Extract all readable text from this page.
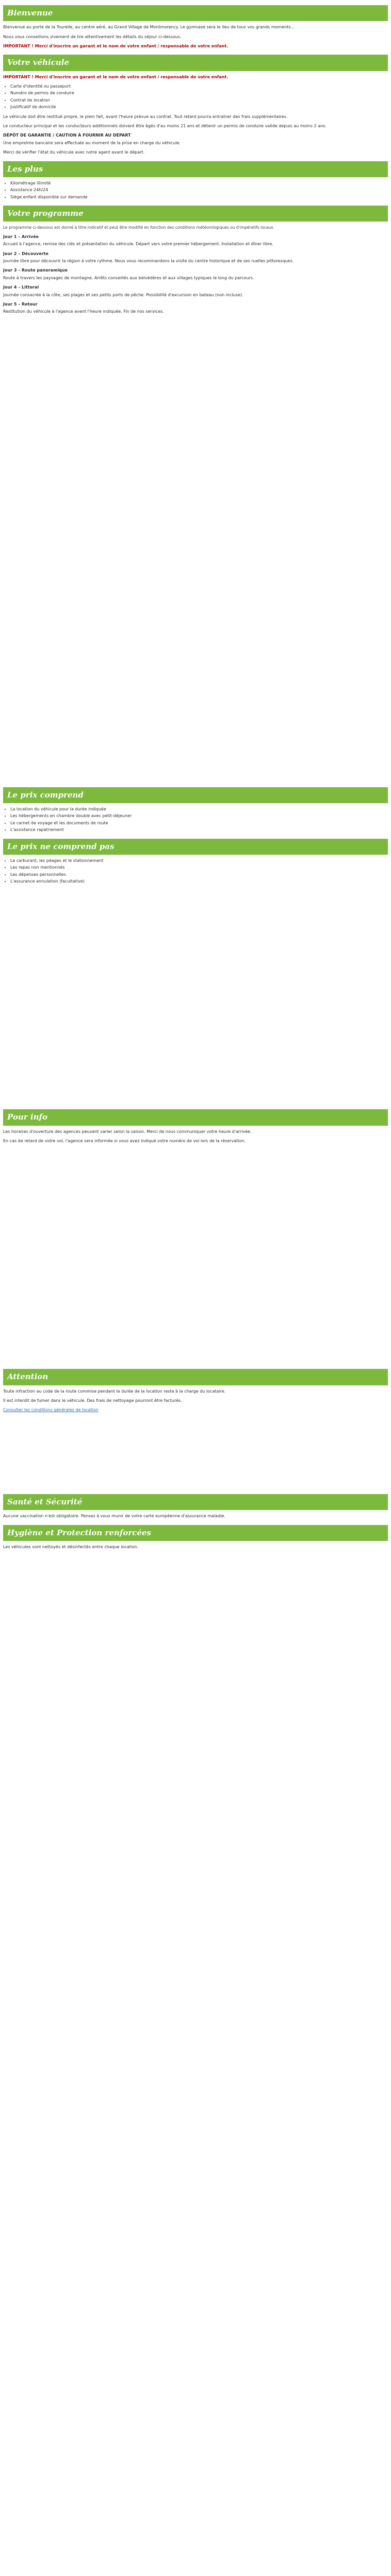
Bienvenue

Bienvenue au porte de la Tourelle, au centre aéré, au Grand Village de Montmorency. Le gymnase sera le lieu de tous vos grands moments...

Nous vous conseillons vivement de lire attentivement les détails du séjour ci-dessous.

IMPORTANT ! Merci d'inscrire un garant et le nom de votre enfant / responsable de votre enfant.

Votre véhicule

IMPORTANT ! Merci d'inscrire un garant et le nom de votre enfant / responsable de votre enfant.

• Carte d'identité ou passeport
• Numéro de permis de conduire
• Contrat de location
• Justificatif de domicile

Le véhicule doit être restitué propre, le plein fait, avant l'heure prévue au contrat. Tout retard pourra entraîner des frais supplémentaires.

Le conducteur principal et les conducteurs additionnels doivent être âgés d'au moins 21 ans et détenir un permis de conduire valide depuis au moins 2 ans.

DÉPÔT DE GARANTIE / CAUTION À FOURNIR AU DÉPART

Une empreinte bancaire sera effectuée au moment de la prise en charge du véhicule.

Merci de vérifier l'état du véhicule avec notre agent avant le départ.

Les plus
• Kilométrage illimité
• Assistance 24h/24
• Siège enfant disponible sur demande
Votre programme

Le programme ci-dessous est donné à titre indicatif et peut être modifié en fonction des conditions météorologiques ou d'impératifs locaux.

Jour 1 – Arrivée

Accueil à l'agence, remise des clés et présentation du véhicule. Départ vers votre premier hébergement. Installation et dîner libre.

Jour 2 – Découverte

Journée libre pour découvrir la région à votre rythme. Nous vous recommandons la visite du centre historique et de ses ruelles pittoresques.

Jour 3 – Route panoramique

Route à travers les paysages de montagne. Arrêts conseillés aux belvédères et aux villages typiques le long du parcours.

Jour 4 – Littoral

Journée consacrée à la côte, ses plages et ses petits ports de pêche. Possibilité d'excursion en bateau (non incluse).

Jour 5 – Retour

Restitution du véhicule à l'agence avant l'heure indiquée. Fin de nos services.

Le prix comprend
• La location du véhicule pour la durée indiquée
• Les hébergements en chambre double avec petit-déjeuner
• Le carnet de voyage et les documents de route
• L'assistance rapatriement
Le prix ne comprend pas
• Le carburant, les péages et le stationnement
• Les repas non mentionnés
• Les dépenses personnelles
• L'assurance annulation (facultative)
Pour info

Les horaires d'ouverture des agences peuvent varier selon la saison. Merci de nous communiquer votre heure d'arrivée.

En cas de retard de votre vol, l'agence sera informée si vous avez indiqué votre numéro de vol lors de la réservation.

Attention

Toute infraction au code de la route commise pendant la durée de la location reste à la charge du locataire.

Il est interdit de fumer dans le véhicule. Des frais de nettoyage pourront être facturés.

Consulter les conditions générales de location

Santé et Sécurité

Aucune vaccination n'est obligatoire. Pensez à vous munir de votre carte européenne d'assurance maladie.

Hygiène et Protection renforcées

Les véhicules sont nettoyés et désinfectés entre chaque location.
